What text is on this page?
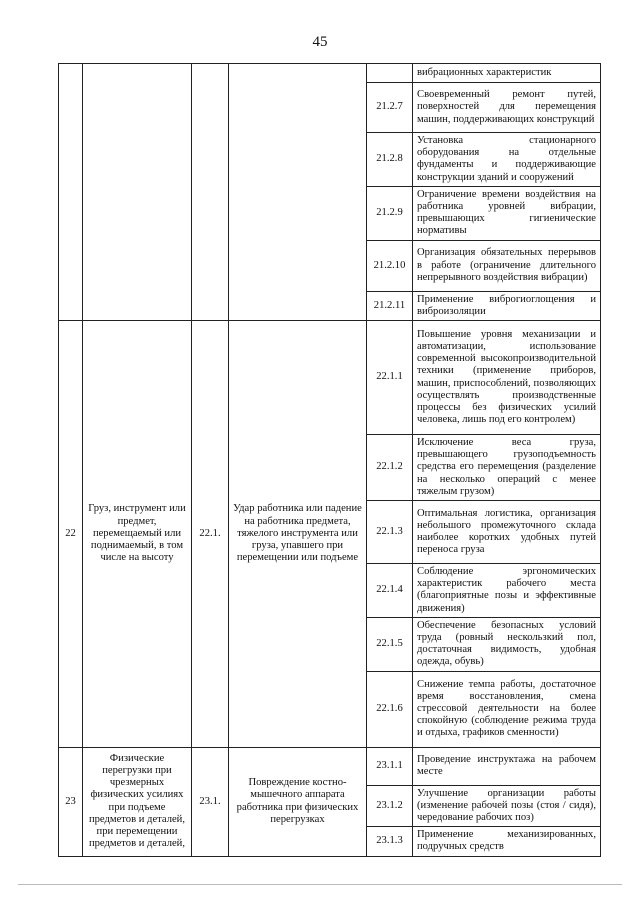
45
					вибрационных характеристик
				21.2.7	Своевременный ремонт путей, поверхностей для перемещения машин, поддерживающих конструкций
				21.2.8	Установка стационарного оборудования на отдельные фундаменты и поддерживающие конструкции зданий и сооружений
				21.2.9	Ограничение времени воздействия на работника уровней вибрации, превышающих гигиенические нормативы
				21.2.10	Организация обязательных перерывов в работе (ограничение длительного непрерывного воздействия вибрации)
				21.2.11	Применение виброгиоглощения и виброизоляции
22	Груз, инструмент или предмет, перемещаемый или поднимаемый, в том числе на высоту	22.1.	Удар работника или падение на работника предмета, тяжелого инструмента или груза, упавшего при перемещении или подъеме	22.1.1	Повышение уровня механизации и автоматизации, использование современной высокопроизводительной техники (применение приборов, машин, приспособлений, позволяющих осуществлять производственные процессы без физических усилий человека, лишь под его контролем)
				22.1.2	Исключение веса груза, превышающего грузоподъемность средства его перемещения (разделение на несколько операций с менее тяжелым грузом)
				22.1.3	Оптимальная логистика, организация небольшого промежуточного склада наиболее коротких удобных путей переноса груза
				22.1.4	Соблюдение эргономических характеристик рабочего места (благоприятные позы и эффективные движения)
				22.1.5	Обеспечение безопасных условий труда (ровный нескользкий пол, достаточная видимость, удобная одежда, обувь)
				22.1.6	Снижение темпа работы, достаточное время восстановления, смена стрессовой деятельности на более спокойную (соблюдение режима труда и отдыха, графиков сменности)
23	Физические перегрузки при чрезмерных физических усилиях при подъеме предметов и деталей, при перемещении предметов и деталей,	23.1.	Повреждение костно-мышечного аппарата работника при физических перегрузках	23.1.1	Проведение инструктажа на рабочем месте
				23.1.2	Улучшение организации работы (изменение рабочей позы (стоя / сидя), чередование рабочих поз)
				23.1.3	Применение механизированных, подручных средств
